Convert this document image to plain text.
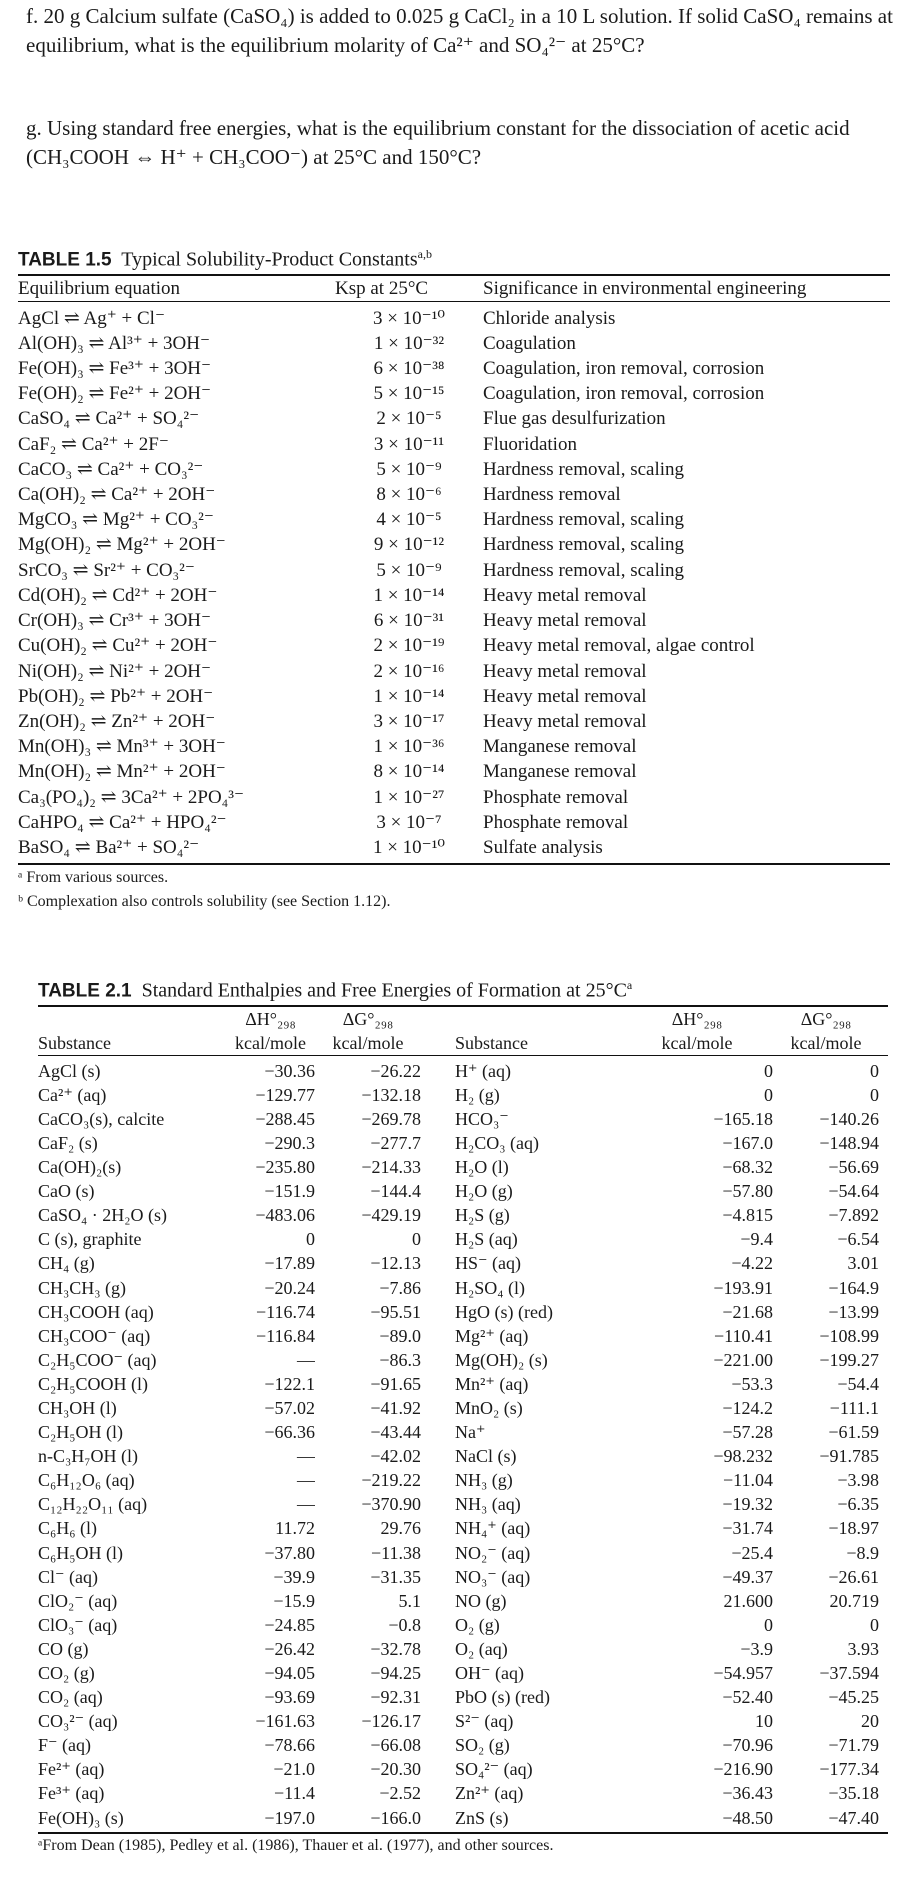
f. 20 g Calcium sulfate (CaSO₄) is added to 0.025 g CaCl₂ in a 10 L solution. If solid CaSO₄ remains at equilibrium, what is the equilibrium molarity of Ca²⁺ and SO₄²⁻ at 25°C?

g. Using standard free energies, what is the equilibrium constant for the dissociation of acetic acid (CH₃COOH ⇔ H⁺ + CH₃COO⁻) at 25°C and 150°C?

TABLE 1.5 Typical Solubility-Product Constants$^{a,b}$
Equilibrium equation	Ksp at 25°C	Significance in environmental engineering
AgCl ⇌ Ag⁺ + Cl⁻	3 × 10⁻¹⁰	Chloride analysis
Al(OH)₃ ⇌ Al³⁺ + 3OH⁻	1 × 10⁻³²	Coagulation
Fe(OH)₃ ⇌ Fe³⁺ + 3OH⁻	6 × 10⁻³⁸	Coagulation, iron removal, corrosion
Fe(OH)₂ ⇌ Fe²⁺ + 2OH⁻	5 × 10⁻¹⁵	Coagulation, iron removal, corrosion
CaSO₄ ⇌ Ca²⁺ + SO₄²⁻	2 × 10⁻⁵	Flue gas desulfurization
CaF₂ ⇌ Ca²⁺ + 2F⁻	3 × 10⁻¹¹	Fluoridation
CaCO₃ ⇌ Ca²⁺ + CO₃²⁻	5 × 10⁻⁹	Hardness removal, scaling
Ca(OH)₂ ⇌ Ca²⁺ + 2OH⁻	8 × 10⁻⁶	Hardness removal
MgCO₃ ⇌ Mg²⁺ + CO₃²⁻	4 × 10⁻⁵	Hardness removal, scaling
Mg(OH)₂ ⇌ Mg²⁺ + 2OH⁻	9 × 10⁻¹²	Hardness removal, scaling
SrCO₃ ⇌ Sr²⁺ + CO₃²⁻	5 × 10⁻⁹	Hardness removal, scaling
Cd(OH)₂ ⇌ Cd²⁺ + 2OH⁻	1 × 10⁻¹⁴	Heavy metal removal
Cr(OH)₃ ⇌ Cr³⁺ + 3OH⁻	6 × 10⁻³¹	Heavy metal removal
Cu(OH)₂ ⇌ Cu²⁺ + 2OH⁻	2 × 10⁻¹⁹	Heavy metal removal, algae control
Ni(OH)₂ ⇌ Ni²⁺ + 2OH⁻	2 × 10⁻¹⁶	Heavy metal removal
Pb(OH)₂ ⇌ Pb²⁺ + 2OH⁻	1 × 10⁻¹⁴	Heavy metal removal
Zn(OH)₂ ⇌ Zn²⁺ + 2OH⁻	3 × 10⁻¹⁷	Heavy metal removal
Mn(OH)₃ ⇌ Mn³⁺ + 3OH⁻	1 × 10⁻³⁶	Manganese removal
Mn(OH)₂ ⇌ Mn²⁺ + 2OH⁻	8 × 10⁻¹⁴	Manganese removal
Ca₃(PO₄)₂ ⇌ 3Ca²⁺ + 2PO₄³⁻	1 × 10⁻²⁷	Phosphate removal
CaHPO₄ ⇌ Ca²⁺ + HPO₄²⁻	3 × 10⁻⁷	Phosphate removal
BaSO₄ ⇌ Ba²⁺ + SO₄²⁻	1 × 10⁻¹⁰	Sulfate analysis
ᵃ From various sources.
ᵇ Complexation also controls solubility (see Section 1.12).
TABLE 2.1 Standard Enthalpies and Free Energies of Formation at $25^\circ C^a$
	ΔH°₂₉₈	ΔG°₂₉₈		ΔH°₂₉₈	ΔG°₂₉₈
Substance	kcal/mole	kcal/mole	Substance	kcal/mole	kcal/mole
AgCl (s)	−30.36	−26.22	H⁺ (aq)	0	0
Ca²⁺ (aq)	−129.77	−132.18	H₂ (g)	0	0
CaCO₃(s), calcite	−288.45	−269.78	HCO₃⁻	−165.18	−140.26
CaF₂ (s)	−290.3	−277.7	H₂CO₃ (aq)	−167.0	−148.94
Ca(OH)₂(s)	−235.80	−214.33	H₂O (l)	−68.32	−56.69
CaO (s)	−151.9	−144.4	H₂O (g)	−57.80	−54.64
CaSO₄ · 2H₂O (s)	−483.06	−429.19	H₂S (g)	−4.815	−7.892
C (s), graphite	0	0	H₂S (aq)	−9.4	−6.54
CH₄ (g)	−17.89	−12.13	HS⁻ (aq)	−4.22	3.01
CH₃CH₃ (g)	−20.24	−7.86	H₂SO₄ (l)	−193.91	−164.9
CH₃COOH (aq)	−116.74	−95.51	HgO (s) (red)	−21.68	−13.99
CH₃COO⁻ (aq)	−116.84	−89.0	Mg²⁺ (aq)	−110.41	−108.99
C₂H₅COO⁻ (aq)	—	−86.3	Mg(OH)₂ (s)	−221.00	−199.27
C₂H₅COOH (l)	−122.1	−91.65	Mn²⁺ (aq)	−53.3	−54.4
CH₃OH (l)	−57.02	−41.92	MnO₂ (s)	−124.2	−111.1
C₂H₅OH (l)	−66.36	−43.44	Na⁺	−57.28	−61.59
n-C₃H₇OH (l)	—	−42.02	NaCl (s)	−98.232	−91.785
C₆H₁₂O₆ (aq)	—	−219.22	NH₃ (g)	−11.04	−3.98
C₁₂H₂₂O₁₁ (aq)	—	−370.90	NH₃ (aq)	−19.32	−6.35
C₆H₆ (l)	11.72	29.76	NH₄⁺ (aq)	−31.74	−18.97
C₆H₅OH (l)	−37.80	−11.38	NO₂⁻ (aq)	−25.4	−8.9
Cl⁻ (aq)	−39.9	−31.35	NO₃⁻ (aq)	−49.37	−26.61
ClO₂⁻ (aq)	−15.9	5.1	NO (g)	21.600	20.719
ClO₃⁻ (aq)	−24.85	−0.8	O₂ (g)	0	0
CO (g)	−26.42	−32.78	O₂ (aq)	−3.9	3.93
CO₂ (g)	−94.05	−94.25	OH⁻ (aq)	−54.957	−37.594
CO₂ (aq)	−93.69	−92.31	PbO (s) (red)	−52.40	−45.25
CO₃²⁻ (aq)	−161.63	−126.17	S²⁻ (aq)	10	20
F⁻ (aq)	−78.66	−66.08	SO₂ (g)	−70.96	−71.79
Fe²⁺ (aq)	−21.0	−20.30	SO₄²⁻ (aq)	−216.90	−177.34
Fe³⁺ (aq)	−11.4	−2.52	Zn²⁺ (aq)	−36.43	−35.18
Fe(OH)₃ (s)	−197.0	−166.0	ZnS (s)	−48.50	−47.40
ᵃFrom Dean (1985), Pedley et al. (1986), Thauer et al. (1977), and other sources.
